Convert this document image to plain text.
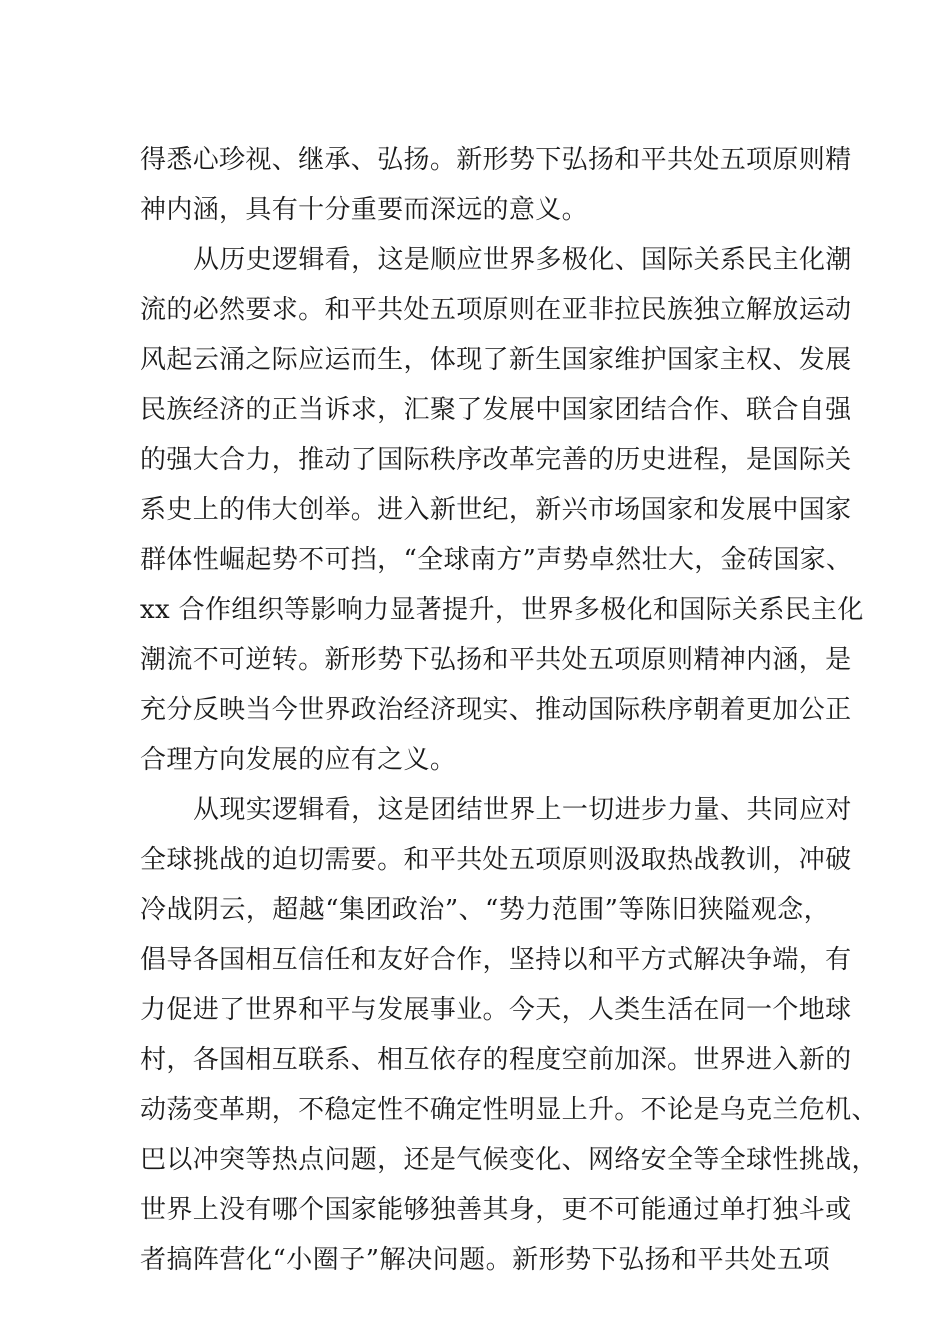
得悉心珍视、继承、弘扬。新形势下弘扬和平共处五项原则精
神内涵，具有十分重要而深远的意义。
从历史逻辑看，这是顺应世界多极化、国际关系民主化潮
流的必然要求。和平共处五项原则在亚非拉民族独立解放运动
风起云涌之际应运而生，体现了新生国家维护国家主权、发展
民族经济的正当诉求，汇聚了发展中国家团结合作、联合自强
的强大合力，推动了国际秩序改革完善的历史进程，是国际关
系史上的伟大创举。进入新世纪，新兴市场国家和发展中国家
群体性崛起势不可挡，“全球南方”声势卓然壮大，金砖国家、
xx 合作组织等影响力显著提升，世界多极化和国际关系民主化
潮流不可逆转。新形势下弘扬和平共处五项原则精神内涵，是
充分反映当今世界政治经济现实、推动国际秩序朝着更加公正
合理方向发展的应有之义。
从现实逻辑看，这是团结世界上一切进步力量、共同应对
全球挑战的迫切需要。和平共处五项原则汲取热战教训，冲破
冷战阴云，超越“集团政治”、“势力范围”等陈旧狭隘观念，
倡导各国相互信任和友好合作，坚持以和平方式解决争端，有
力促进了世界和平与发展事业。今天，人类生活在同一个地球
村，各国相互联系、相互依存的程度空前加深。世界进入新的
动荡变革期，不稳定性不确定性明显上升。不论是乌克兰危机、
巴以冲突等热点问题，还是气候变化、网络安全等全球性挑战，
世界上没有哪个国家能够独善其身，更不可能通过单打独斗或
者搞阵营化“小圈子”解决问题。新形势下弘扬和平共处五项
